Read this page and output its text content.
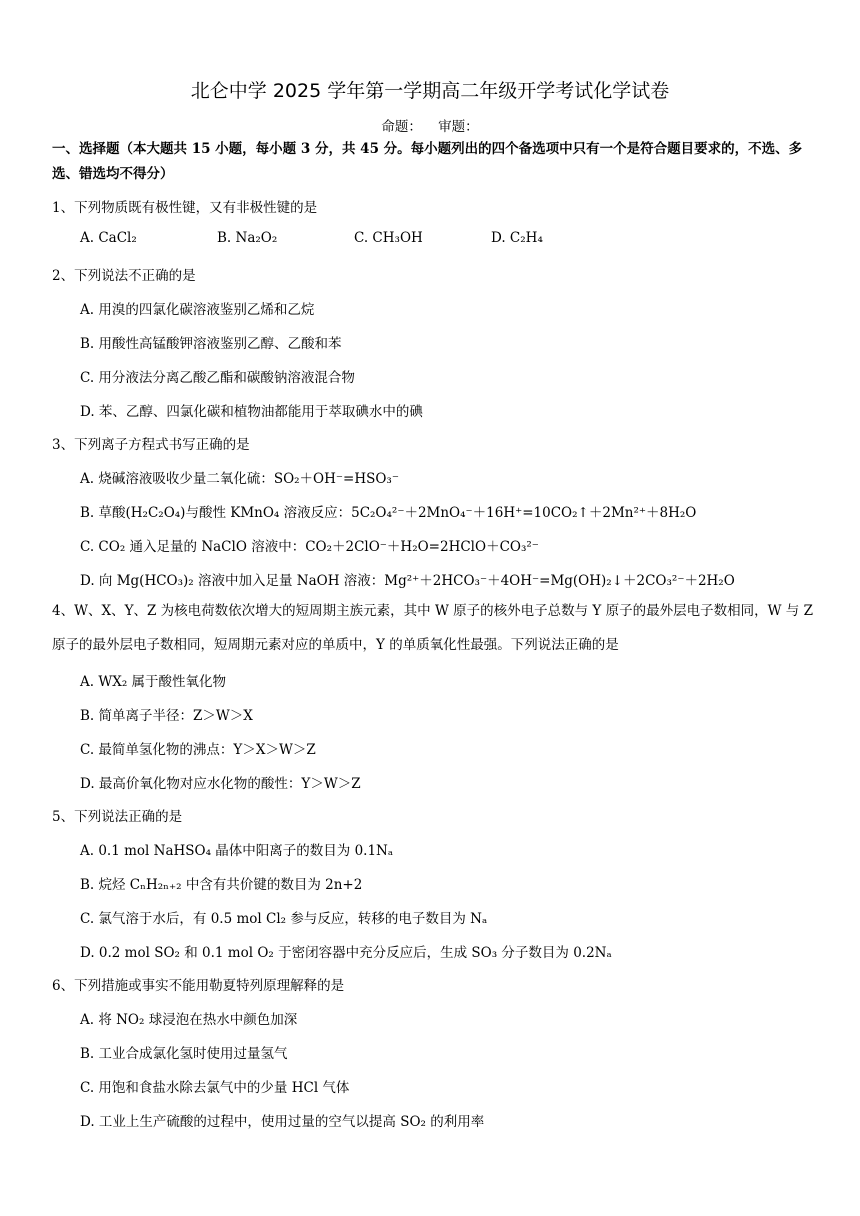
北仑中学 2025 学年第一学期高二年级开学考试化学试卷
命题： 审题：
一、选择题（本大题共 15 小题，每小题 3 分，共 45 分。每小题列出的四个备选项中只有一个是符合题目要求的，不选、多选、错选均不得分）
1、下列物质既有极性键，又有非极性键的是
A. CaCl₂	B. Na₂O₂	C. CH₃OH	D. C₂H₄
2、下列说法不正确的是
A. 用溴的四氯化碳溶液鉴别乙烯和乙烷
B. 用酸性高锰酸钾溶液鉴别乙醇、乙酸和苯
C. 用分液法分离乙酸乙酯和碳酸钠溶液混合物
D. 苯、乙醇、四氯化碳和植物油都能用于萃取碘水中的碘
3、下列离子方程式书写正确的是
A. 烧碱溶液吸收少量二氧化硫：SO₂＋OH⁻=HSO₃⁻
B. 草酸(H₂C₂O₄)与酸性 KMnO₄ 溶液反应：5C₂O₄²⁻＋2MnO₄⁻＋16H⁺=10CO₂↑＋2Mn²⁺＋8H₂O
C. CO₂ 通入足量的 NaClO 溶液中：CO₂＋2ClO⁻＋H₂O=2HClO＋CO₃²⁻
D. 向 Mg(HCO₃)₂ 溶液中加入足量 NaOH 溶液：Mg²⁺＋2HCO₃⁻＋4OH⁻=Mg(OH)₂↓＋2CO₃²⁻＋2H₂O
4、W、X、Y、Z 为核电荷数依次增大的短周期主族元素，其中 W 原子的核外电子总数与 Y 原子的最外层电子数相同，W 与 Z 原子的最外层电子数相同，短周期元素对应的单质中，Y 的单质氧化性最强。下列说法正确的是
A. WX₂ 属于酸性氧化物
B. 简单离子半径：Z＞W＞X
C. 最简单氢化物的沸点：Y＞X＞W＞Z
D. 最高价氧化物对应水化物的酸性：Y＞W＞Z
5、下列说法正确的是
A. 0.1 mol NaHSO₄ 晶体中阳离子的数目为 0.1Nₐ
B. 烷烃 CₙH₂ₙ₊₂ 中含有共价键的数目为 2n+2
C. 氯气溶于水后，有 0.5 mol Cl₂ 参与反应，转移的电子数目为 Nₐ
D. 0.2 mol SO₂ 和 0.1 mol O₂ 于密闭容器中充分反应后，生成 SO₃ 分子数目为 0.2Nₐ
6、下列措施或事实不能用勒夏特列原理解释的是
A. 将 NO₂ 球浸泡在热水中颜色加深
B. 工业合成氯化氢时使用过量氢气
C. 用饱和食盐水除去氯气中的少量 HCl 气体
D. 工业上生产硫酸的过程中，使用过量的空气以提高 SO₂ 的利用率
